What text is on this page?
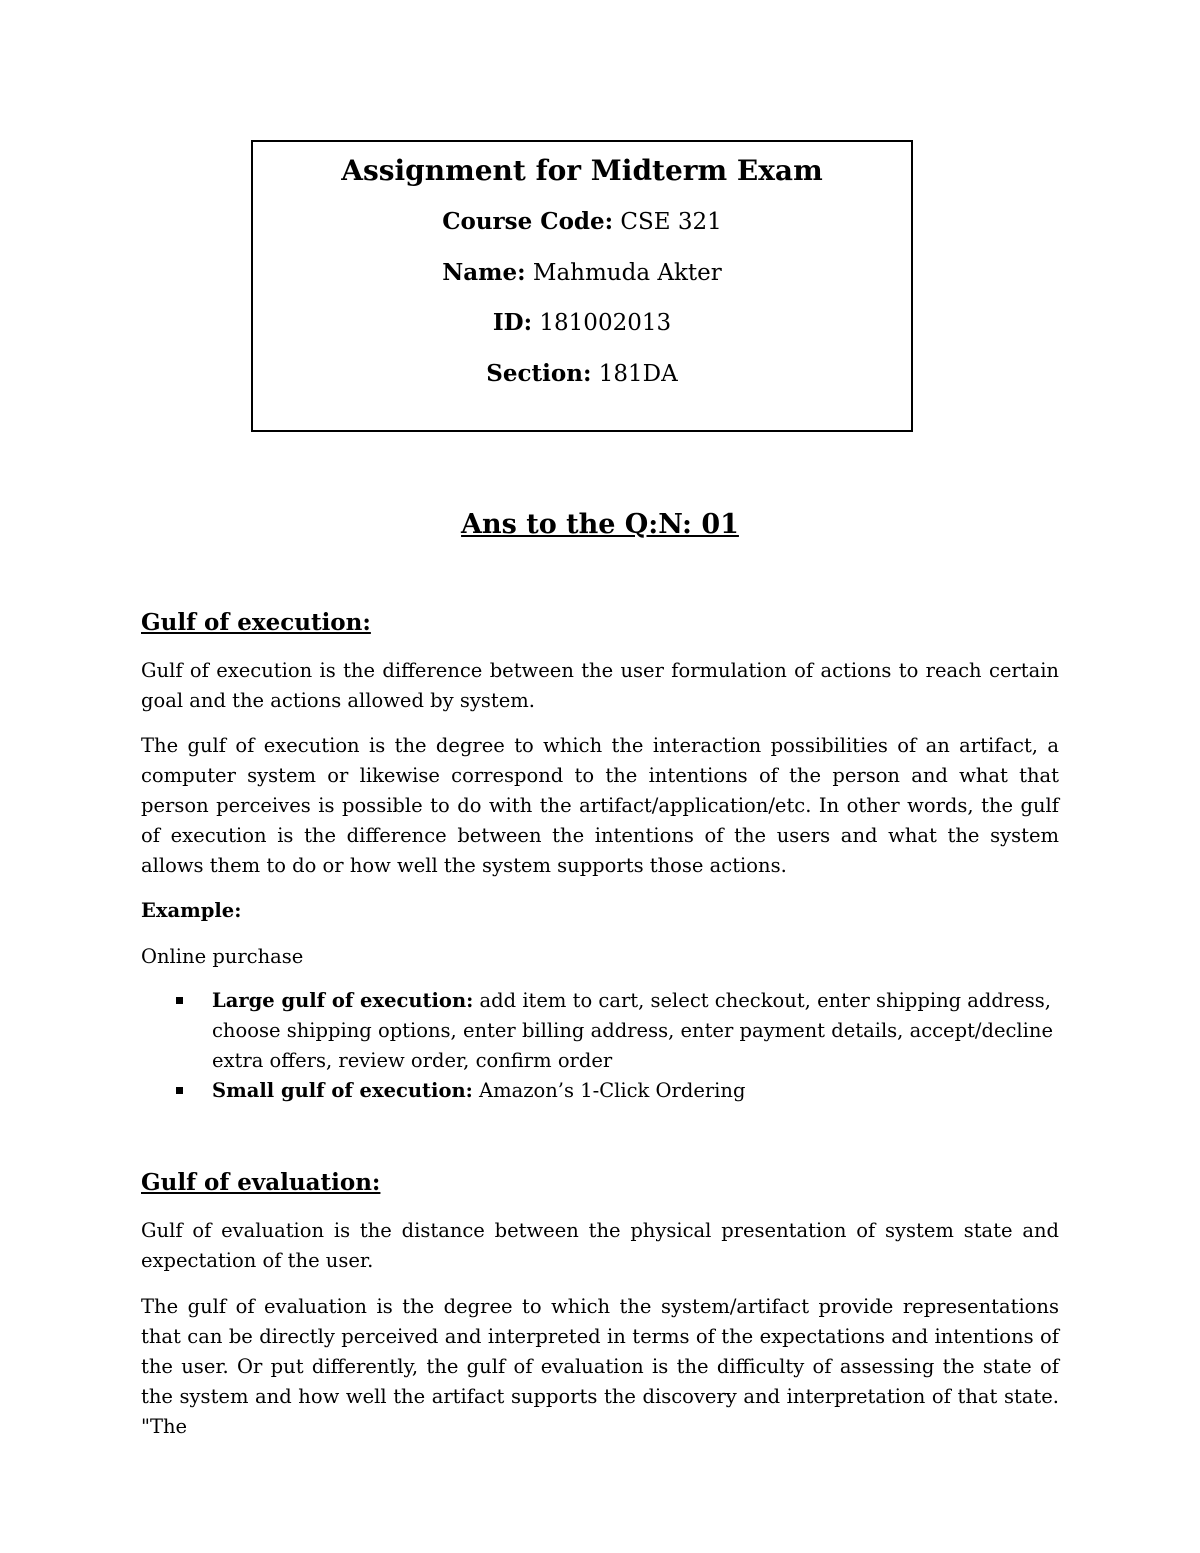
Assignment for Midterm Exam
Course Code: CSE 321
Name: Mahmuda Akter
ID: 181002013
Section: 181DA
Ans to the Q:N: 01
Gulf of execution:
Gulf of execution is the difference between the user formulation of actions to reach certain goal and the actions allowed by system.
The gulf of execution is the degree to which the interaction possibilities of an artifact, a computer system or likewise correspond to the intentions of the person and what that person perceives is possible to do with the artifact/application/etc. In other words, the gulf of execution is the difference between the intentions of the users and what the system allows them to do or how well the system supports those actions.
Example:
Online purchase
Large gulf of execution: add item to cart, select checkout, enter shipping address, choose shipping options, enter billing address, enter payment details, accept/decline extra offers, review order, confirm order
Small gulf of execution: Amazon’s 1-Click Ordering
Gulf of evaluation:
Gulf of evaluation is the distance between the physical presentation of system state and expectation of the user.
The gulf of evaluation is the degree to which the system/artifact provide representations that can be directly perceived and interpreted in terms of the expectations and intentions of the user. Or put differently, the gulf of evaluation is the difficulty of assessing the state of the system and how well the artifact supports the discovery and interpretation of that state. "The
